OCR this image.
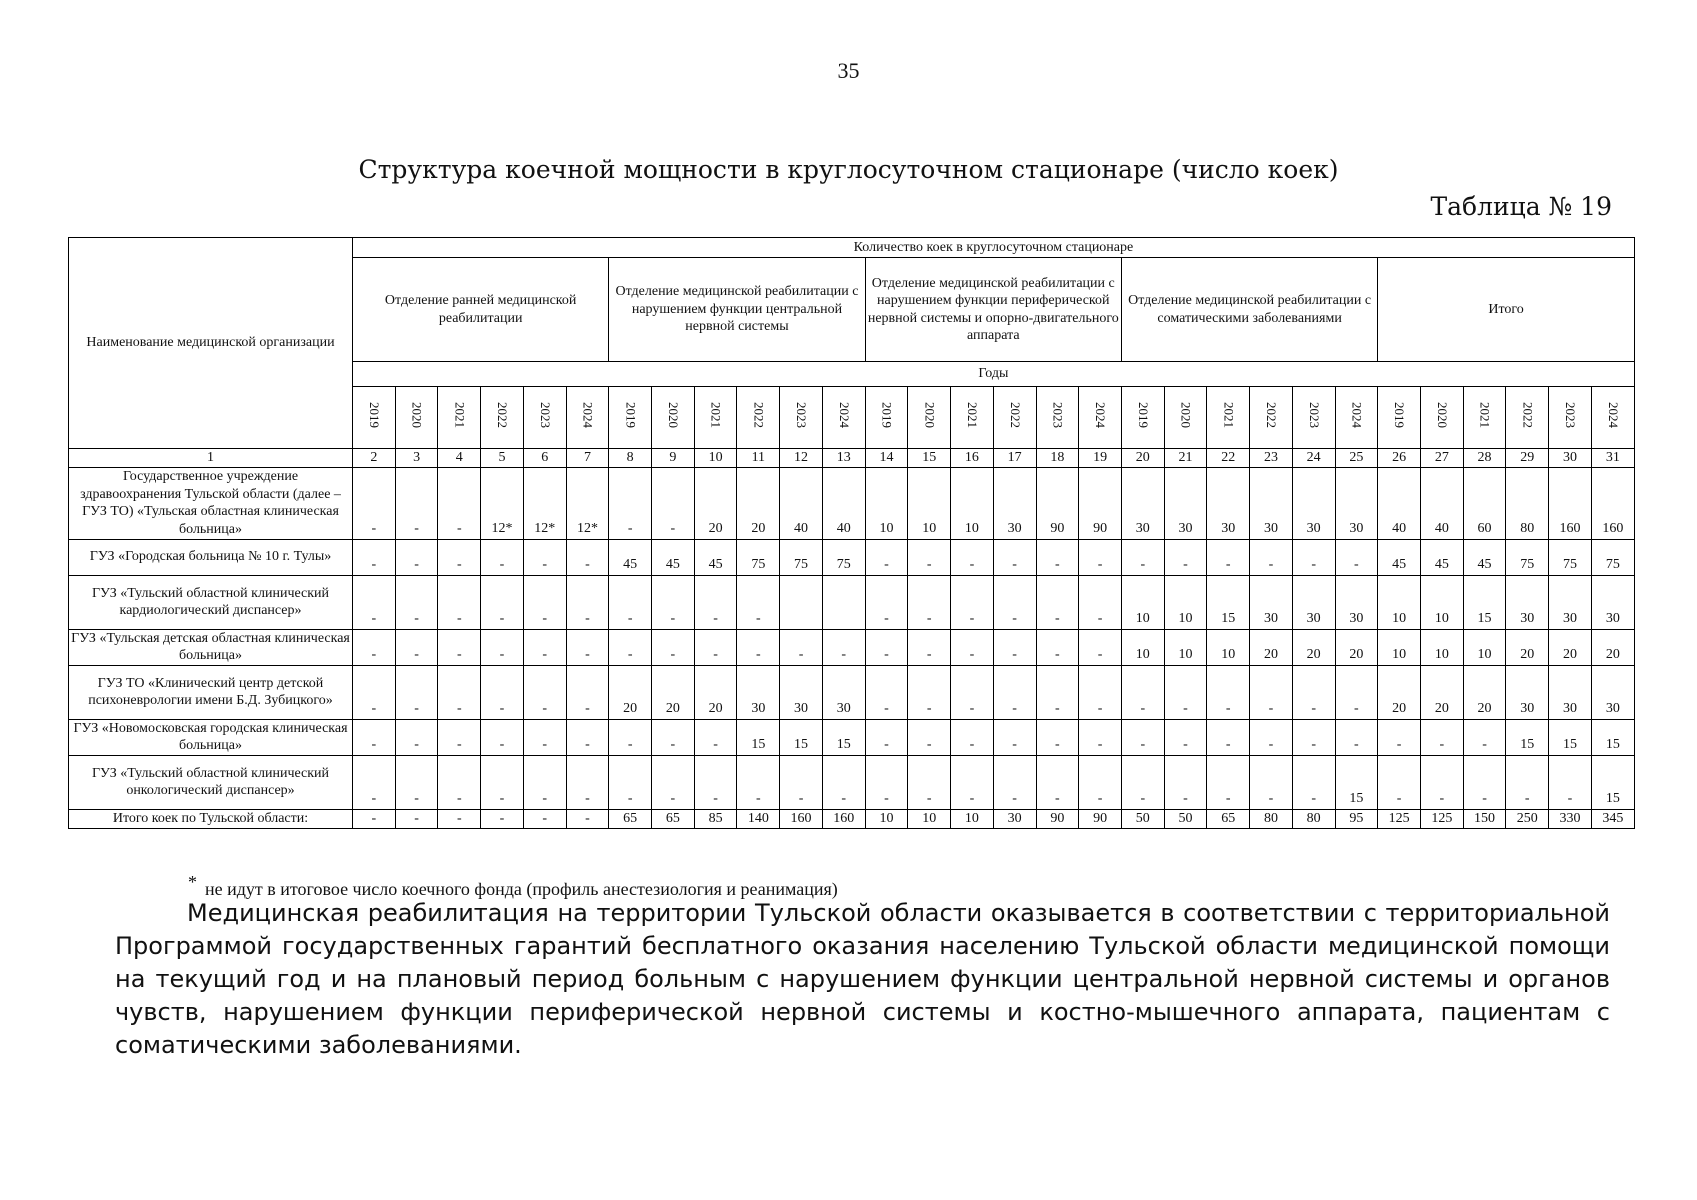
35
Структура коечной мощности в круглосуточном стационаре (число коек)
Таблица № 19
Наименование медицинской организации	Количество коек в круглосуточном стационаре																													
	Отделение ранней медицинской реабилитации						Отделение медицинской реабилитации с нарушением функции центральной нервной системы						Отделение медицинской реабилитации с нарушением функции периферической нервной системы и опорно-двигательного аппарата						Отделение медицинской реабилитации с соматическими заболеваниями						Итого					
	Годы																													
	2019	2020	2021	2022	2023	2024	2019	2020	2021	2022	2023	2024	2019	2020	2021	2022	2023	2024	2019	2020	2021	2022	2023	2024	2019	2020	2021	2022	2023	2024
1	2	3	4	5	6	7	8	9	10	11	12	13	14	15	16	17	18	19	20	21	22	23	24	25	26	27	28	29	30	31
Государственное учреждение здравоохранения Тульской области (далее – ГУЗ ТО) «Тульская областная клиническая больница»	-	-	-	12*	12*	12*	-	-	20	20	40	40	10	10	10	30	90	90	30	30	30	30	30	30	40	40	60	80	160	160
ГУЗ «Городская больница № 10 г. Тулы»	-	-	-	-	-	-	45	45	45	75	75	75	-	-	-	-	-	-	-	-	-	-	-	-	45	45	45	75	75	75
ГУЗ «Тульский областной клинический кардиологический диспансер»	-	-	-	-	-	-	-	-	-	-			-	-	-	-	-	-	10	10	15	30	30	30	10	10	15	30	30	30
ГУЗ «Тульская детская областная клиническая больница»	-	-	-	-	-	-	-	-	-	-	-	-	-	-	-	-	-	-	10	10	10	20	20	20	10	10	10	20	20	20
ГУЗ ТО «Клинический центр детской психоневрологии имени Б.Д. Зубицкого»	-	-	-	-	-	-	20	20	20	30	30	30	-	-	-	-	-	-	-	-	-	-	-	-	20	20	20	30	30	30
ГУЗ «Новомосковская городская клиническая больница»	-	-	-	-	-	-	-	-	-	15	15	15	-	-	-	-	-	-	-	-	-	-	-	-	-	-	-	15	15	15
ГУЗ «Тульский областной клинический онкологический диспансер»	-	-	-	-	-	-	-	-	-	-	-	-	-	-	-	-	-	-	-	-	-	-	-	15	-	-	-	-	-	15
Итого коек по Тульской области:	-	-	-	-	-	-	65	65	85	140	160	160	10	10	10	30	90	90	50	50	65	80	80	95	125	125	150	250	330	345
* не идут в итоговое число коечного фонда (профиль анестезиология и реанимация)
Медицинская реабилитация на территории Тульской области оказывается в соответствии с территориальной Программой государственных гарантий бесплатного оказания населению Тульской области медицинской помощи на текущий год и на плановый период больным с нарушением функции центральной нервной системы и органов чувств, нарушением функции периферической нервной системы и костно-мышечного аппарата, пациентам с соматическими заболеваниями.
